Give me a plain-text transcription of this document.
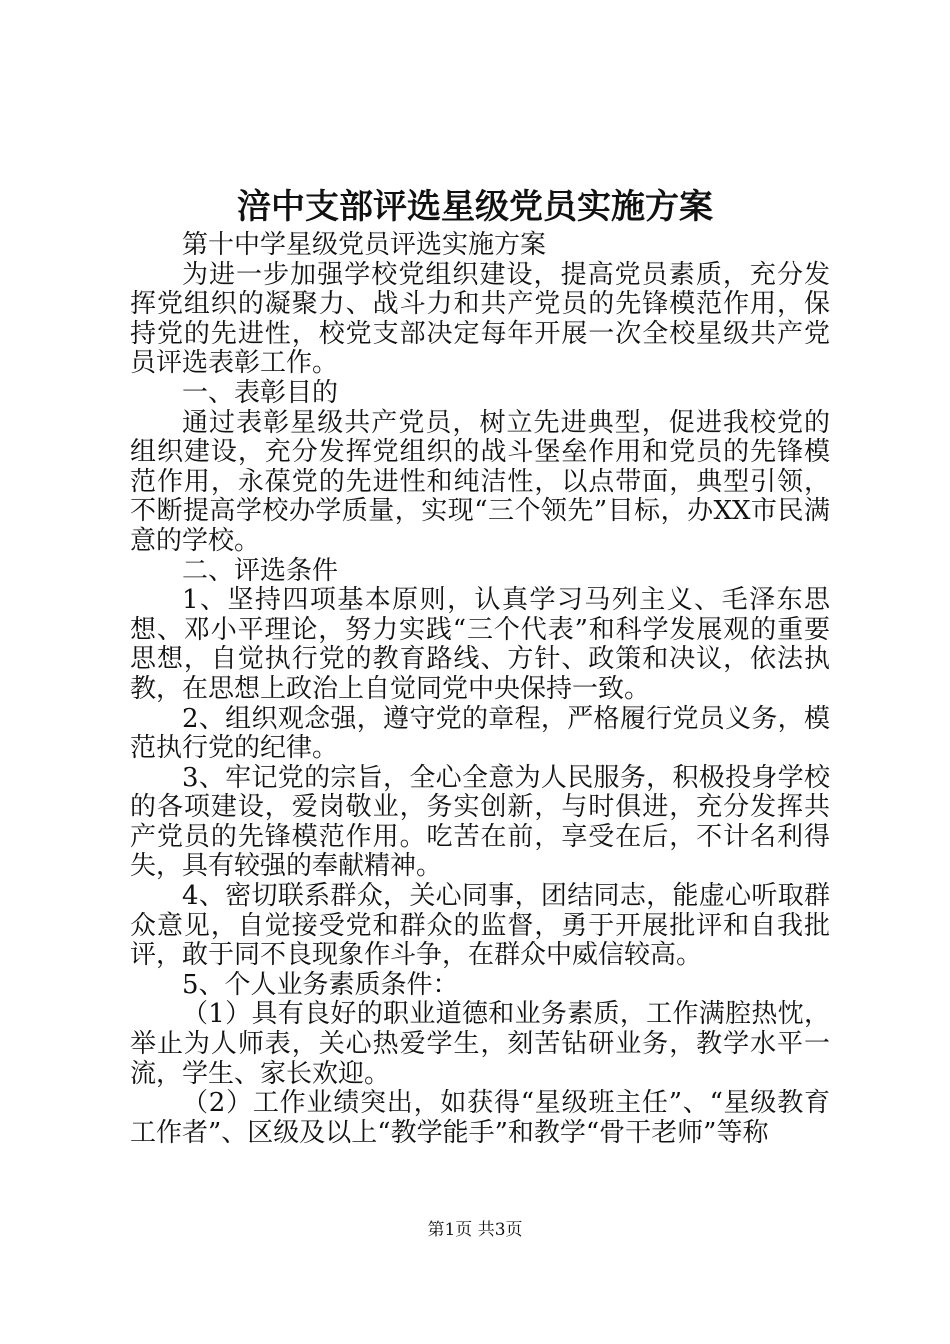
涪中支部评选星级党员实施方案

第十中学星级党员评选实施方案

为进一步加强学校党组织建设，提高党员素质，充分发挥党组织的凝聚力、战斗力和共产党员的先锋模范作用，保持党的先进性，校党支部决定每年开展一次全校星级共产党员评选表彰工作。

一、表彰目的

通过表彰星级共产党员，树立先进典型，促进我校党的组织建设，充分发挥党组织的战斗堡垒作用和党员的先锋模范作用，永葆党的先进性和纯洁性，以点带面，典型引领，不断提高学校办学质量，实现“三个领先”目标，办XX市民满意的学校。

二、评选条件

1、坚持四项基本原则，认真学习马列主义、毛泽东思想、邓小平理论，努力实践“三个代表”和科学发展观的重要思想，自觉执行党的教育路线、方针、政策和决议，依法执教，在思想上政治上自觉同党中央保持一致。

2、组织观念强，遵守党的章程，严格履行党员义务，模范执行党的纪律。

3、牢记党的宗旨，全心全意为人民服务，积极投身学校的各项建设，爱岗敬业，务实创新，与时俱进，充分发挥共产党员的先锋模范作用。吃苦在前，享受在后，不计名利得失，具有较强的奉献精神。

4、密切联系群众，关心同事，团结同志，能虚心听取群众意见，自觉接受党和群众的监督，勇于开展批评和自我批评，敢于同不良现象作斗争，在群众中威信较高。

5、个人业务素质条件：

（1）具有良好的职业道德和业务素质，工作满腔热忱，举止为人师表，关心热爱学生，刻苦钻研业务，教学水平一流，学生、家长欢迎。

（2）工作业绩突出，如获得“星级班主任”、“星级教育工作者”、区级及以上“教学能手”和教学“骨干老师”等称

第1页 共3页
